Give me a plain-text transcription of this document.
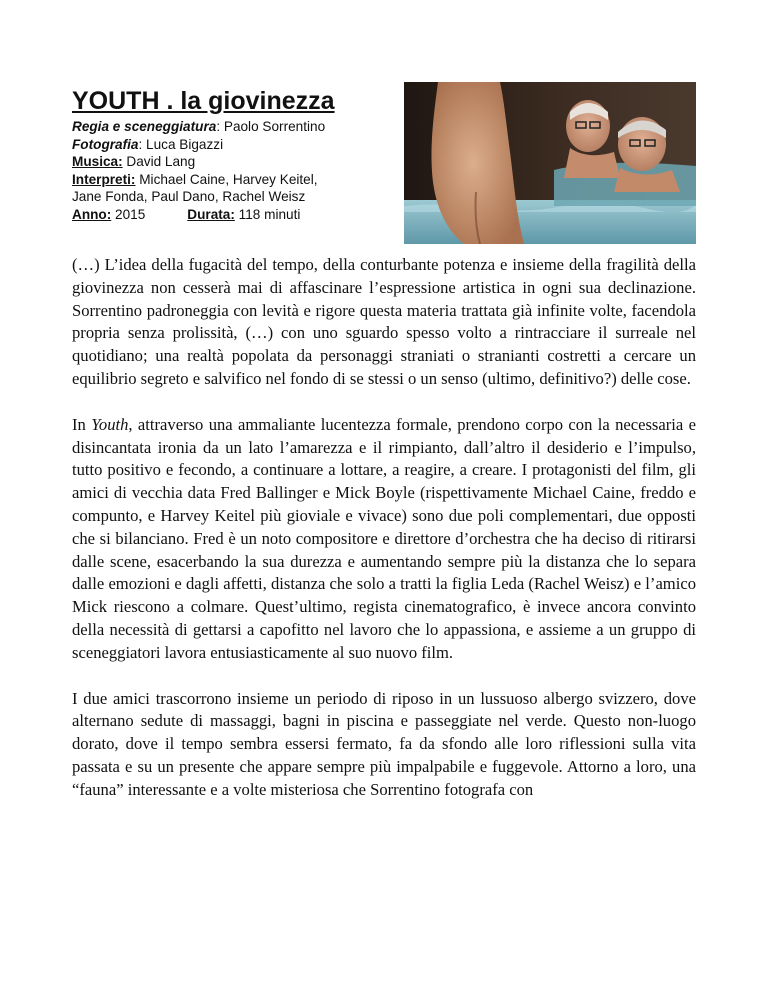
YOUTH . la giovinezza
Regia e sceneggiatura: Paolo Sorrentino
Fotografia: Luca Bigazzi
Musica: David Lang
Interpreti: Michael Caine, Harvey Keitel,
Jane Fonda, Paul Dano, Rachel Weisz
Anno: 2015	Durata: 118 minuti

(…) L’idea della fugacità del tempo, della conturbante potenza e insieme della fragilità della giovinezza non cesserà mai di affascinare l’espressione artistica in ogni sua declinazione. Sorrentino padroneggia con levità e rigore questa materia trattata già infinite volte, facendola propria senza prolissità, (…) con uno sguardo spesso volto a rintracciare il surreale nel quotidiano; una realtà popolata da personaggi straniati o stranianti costretti a cercare un equilibrio segreto e salvifico nel fondo di se stessi o un senso (ultimo, definitivo?) delle cose.

In Youth, attraverso una ammaliante lucentezza formale, prendono corpo con la necessaria e disincantata ironia da un lato l’amarezza e il rimpianto, dall’altro il desiderio e l’impulso, tutto positivo e fecondo, a continuare a lottare, a reagire, a creare. I protagonisti del film, gli amici di vecchia data Fred Ballinger e Mick Boyle (rispettivamente Michael Caine, freddo e compunto, e Harvey Keitel più gioviale e vivace) sono due poli complementari, due opposti che si bilanciano. Fred è un noto compositore e direttore d’orchestra che ha deciso di ritirarsi dalle scene, esacerbando la sua durezza e aumentando sempre più la distanza che lo separa dalle emozioni e dagli affetti, distanza che solo a tratti la figlia Leda (Rachel Weisz) e l’amico Mick riescono a colmare. Quest’ultimo, regista cinematografico, è invece ancora convinto della necessità di gettarsi a capofitto nel lavoro che lo appassiona, e assieme a un gruppo di sceneggiatori lavora entusiasticamente al suo nuovo film.

I due amici trascorrono insieme un periodo di riposo in un lussuoso albergo svizzero, dove alternano sedute di massaggi, bagni in piscina e passeggiate nel verde. Questo non-luogo dorato, dove il tempo sembra essersi fermato, fa da sfondo alle loro riflessioni sulla vita passata e su un presente che appare sempre più impalpabile e fuggevole. Attorno a loro, una “fauna” interessante e a volte misteriosa che Sorrentino fotografa con
